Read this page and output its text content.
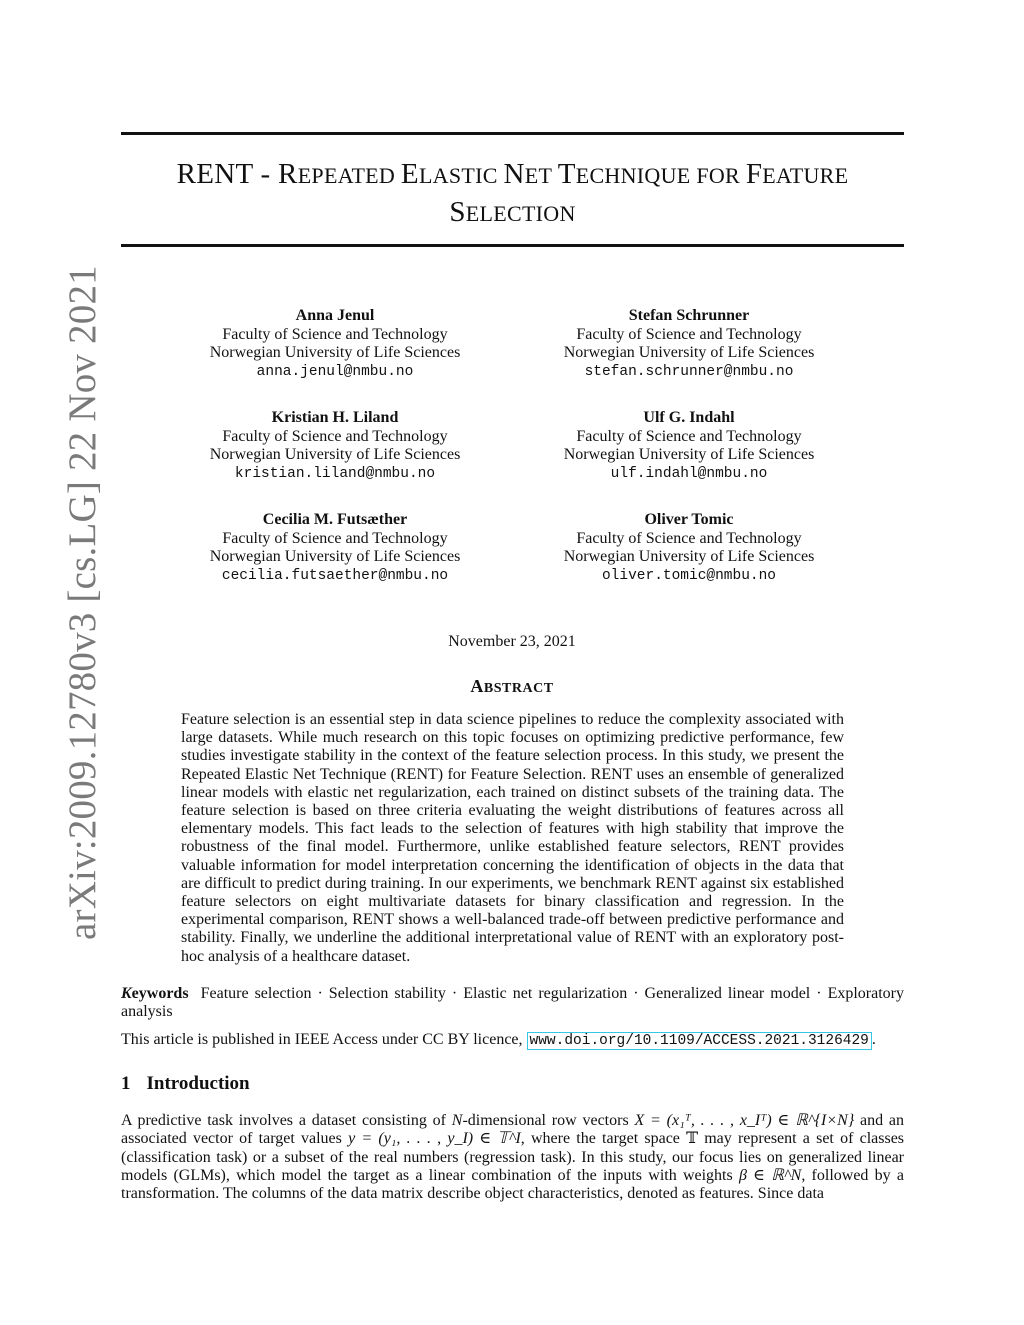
RENT - REPEATED ELASTIC NET TECHNIQUE FOR FEATURE
SELECTION
arXiv:2009.12780v3 [cs.LG] 22 Nov 2021	Anna Jenul
Faculty of Science and Technology
Norwegian University of Life Sciences
anna.jenul@nmbu.no
Stefan Schrunner
Faculty of Science and Technology
Norwegian University of Life Sciences
stefan.schrunner@nmbu.no
Kristian H. Liland
Faculty of Science and Technology
Norwegian University of Life Sciences
kristian.liland@nmbu.no
Ulf G. Indahl
Faculty of Science and Technology
Norwegian University of Life Sciences
ulf.indahl@nmbu.no
Cecilia M. Futsæther
Faculty of Science and Technology
Norwegian University of Life Sciences
cecilia.futsaether@nmbu.no
Oliver Tomic
Faculty of Science and Technology
Norwegian University of Life Sciences
oliver.tomic@nmbu.no
November 23, 2021
ABSTRACT
Feature selection is an essential step in data science pipelines to reduce the complexity associated with large datasets. While much research on this topic focuses on optimizing predictive performance, few studies investigate stability in the context of the feature selection process. In this study, we present the Repeated Elastic Net Technique (RENT) for Feature Selection. RENT uses an ensemble of generalized linear models with elastic net regularization, each trained on distinct subsets of the training data. The feature selection is based on three criteria evaluating the weight distributions of features across all elementary models. This fact leads to the selection of features with high stability that improve the robustness of the final model. Furthermore, unlike established feature selectors, RENT provides valuable information for model interpretation concerning the identification of objects in the data that are difficult to predict during training. In our experiments, we benchmark RENT against six established feature selectors on eight multivariate datasets for binary classification and regression. In the experimental comparison, RENT shows a well-balanced trade-off between predictive performance and stability. Finally, we underline the additional interpretational value of RENT with an exploratory post-hoc analysis of a healthcare dataset.
Keywords Feature selection · Selection stability · Elastic net regularization · Generalized linear model · Exploratory analysis
This article is published in IEEE Access under CC BY licence, www.doi.org/10.1109/ACCESS.2021.3126429 .
1 Introduction
A predictive task involves a dataset consisting of N-dimensional row vectors X = (x₁ᵀ, . . . , x_Iᵀ) ∈ ℝ^{I×N} and an associated vector of target values y = (y₁, . . . , y_I) ∈ 𝕋^I, where the target space 𝕋 may represent a set of classes (classification task) or a subset of the real numbers (regression task). In this study, our focus lies on generalized linear models (GLMs), which model the target as a linear combination of the inputs with weights β ∈ ℝ^N, followed by a transformation. The columns of the data matrix describe object characteristics, denoted as features. Since data
